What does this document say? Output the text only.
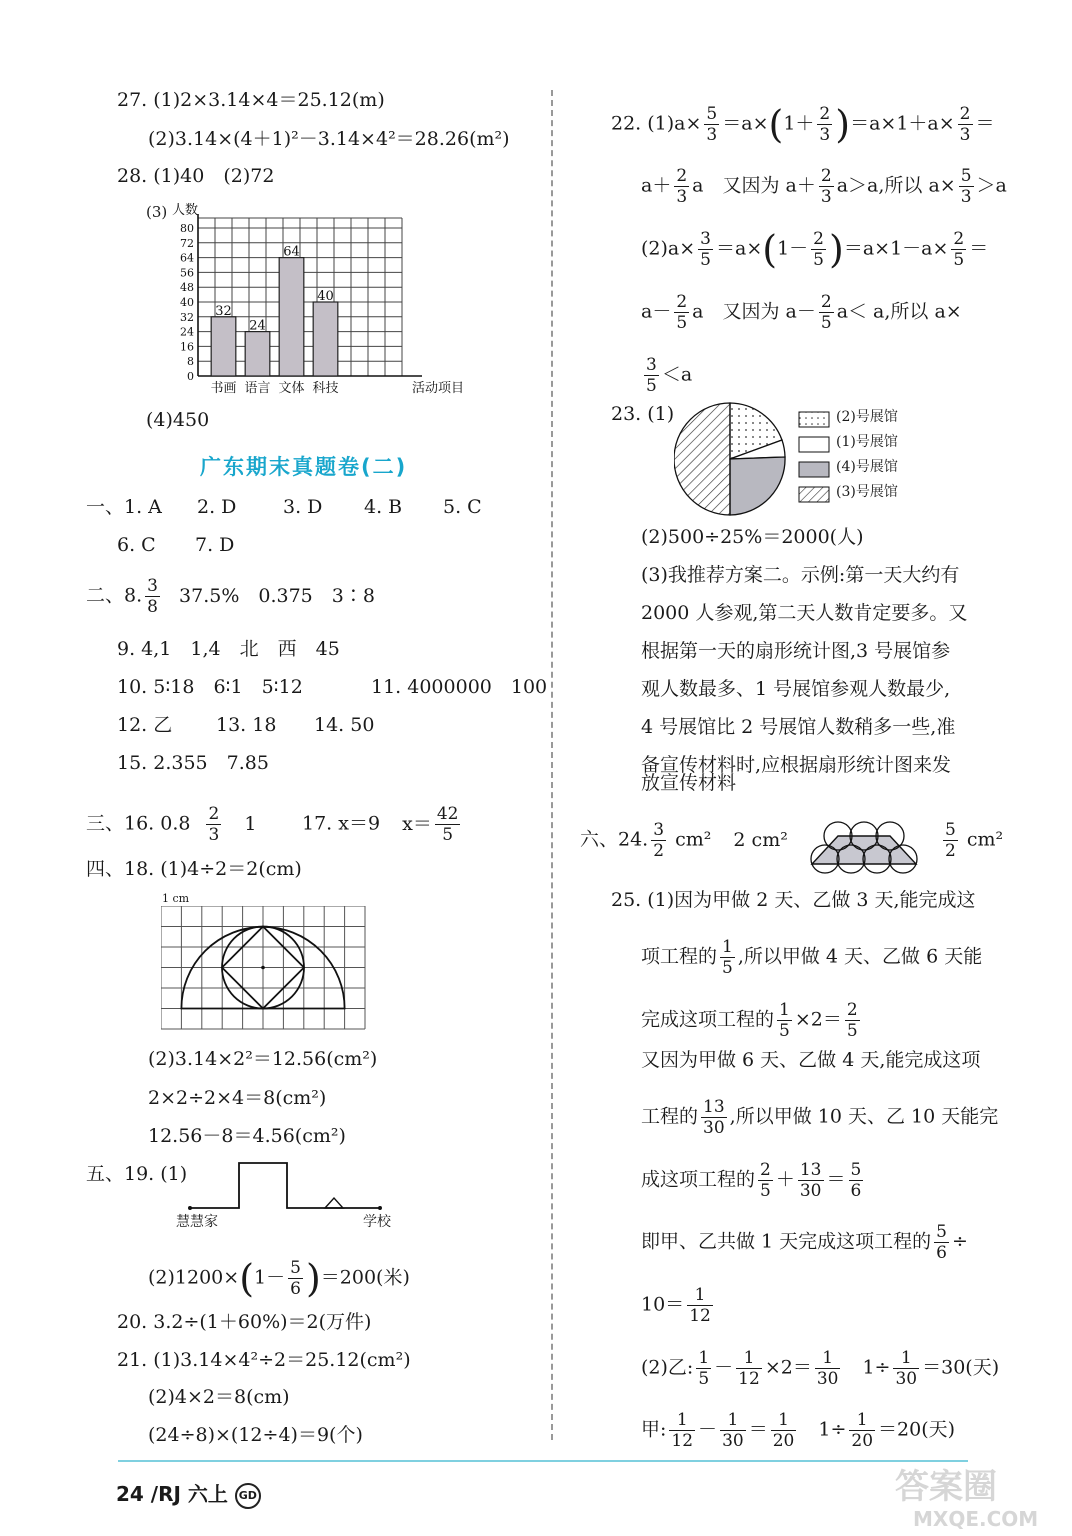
27. (1)2×3.14×4＝25.12(m)
(2)3.14×(4＋1)²－3.14×4²＝28.26(m²)
28. (1)40　(2)72
(3)
0
8
16
24
32
40
48
56
64
72
80
人数
活动项目
32
书画
24
语言
64
文体
40
科技
(4)450
广东期末真题卷(二)
一、1. A 2. D 3. D 4. B 5. C
6. C 7. D
二、8. $\frac{3}{8} 37.5\%$　0.375　3∶8
9. 4,1　1,4　北　西　45
10. 5∶18　6∶1　5∶12	11. 4000000　100
12. 乙 13. 18 14. 50
15. 2.355　7.85
三、16. $0.8 \frac{2}{3} 1$ 17. x＝9 $x= \frac{42}{5}$
四、18. (1)4÷2＝2(cm)
1 cm
(2)3.14×2²＝12.56(cm²)
2×2÷2×4＝8(cm²)
12.56－8＝4.56(cm²)
五、19. (1)
慧慧家	学校
$(2)1200\times(1- \frac{5}{6} )=200$(米)
20. 3.2÷(1＋60%)＝2(万件)
21. (1)3.14×4²÷2＝25.12(cm²)
(2)4×2＝8(cm)
(24÷8)×(12÷4)＝9(个)
22. $(1)a\times \frac{5}{3} =a\times(1+ \frac{2}{3} )=a\times 1+a\times \frac{2}{3}$ ＝
$a+ \frac{2}{3}$ a　又因为 $a+ \frac{2}{3} a>a$,所以 $a\times \frac{5}{3} >a$
$(2)a\times \frac{3}{5} =a\times(1- \frac{2}{5} )=a\times 1-a\times \frac{2}{5}$ ＝
$a- \frac{2}{5}$ a　又因为 $a- \frac{2}{5} a< a$,所以 a×
$\frac{3}{5} <a$
23. (1)	(2)号展馆
(1)号展馆
(4)号展馆
(3)号展馆
(2)500÷25%＝2000(人)
(3)我推荐方案二。示例:第一天大约有
2000 人参观,第二天人数肯定要多。又
根据第一天的扇形统计图,3 号展馆参
观人数最多、1 号展馆参观人数最少,
4 号展馆比 2 号展馆人数稍多一些,准
备宣传材料时,应根据扇形统计图来发
放宣传材料
六、24. $\frac{3}{2} cm^2$ 2 cm²	$\frac{5}{2} cm^2$
25. (1)因为甲做 2 天、乙做 3 天,能完成这
项工程的 $\frac{1}{5}$ ,所以甲做 4 天、乙做 6 天能
完成这项工程的 $\frac{1}{5} \times 2= \frac{2}{5}$
又因为甲做 6 天、乙做 4 天,能完成这项
工程的 $\frac{13}{30}$ ,所以甲做 10 天、乙 10 天能完
成这项工程的 $\frac{2}{5} + \frac{13}{30} = \frac{5}{6}$
即甲、乙共做 1 天完成这项工程的 $\frac{5}{6}$ ÷
$10= \frac{1}{12}$
(2)乙: $\frac{1}{5} - \frac{1}{12} \times 2= \frac{1}{30}$ 　$1\div \frac{1}{30} =30$(天)
甲: $\frac{1}{12} - \frac{1}{30} = \frac{1}{20}$ 　$1\div \frac{1}{20} =20$(天)
24 /RJ 六上 GD	答案圈
MXQE.COM
